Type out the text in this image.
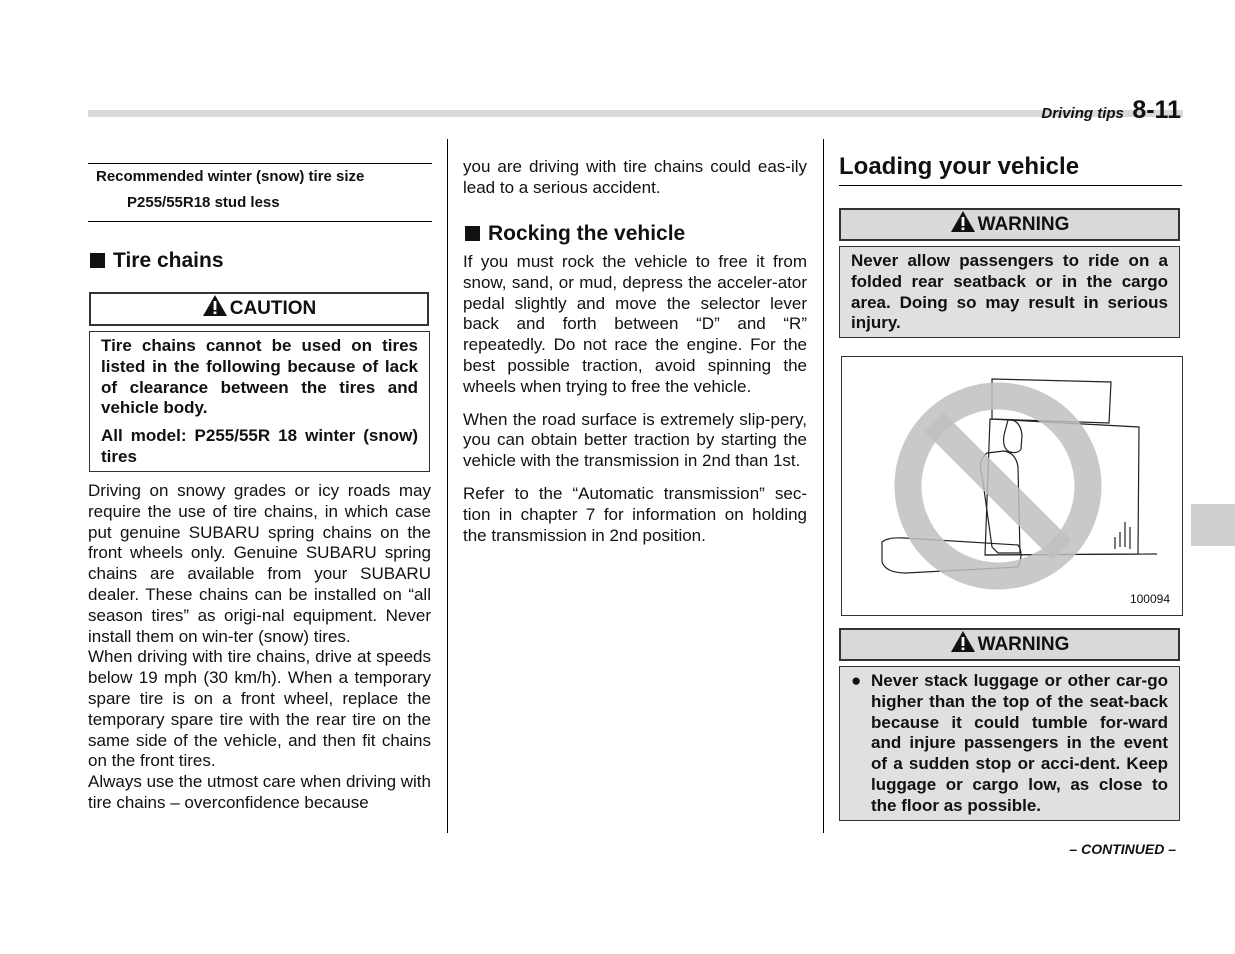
Driving tips 8-11
Recommended winter (snow) tire size
P255/55R18 stud less
Tire chains
CAUTION

Tire chains cannot be used on tires listed in the following because of lack of clearance between the tires and vehicle body.

All model: P255/55R 18 winter (snow) tires

Driving on snowy grades or icy roads may require the use of tire chains, in which case put genuine SUBARU spring chains on the front wheels only. Genuine SUBARU spring chains are available from your SUBARU dealer. These chains can be installed on “all season tires” as origi-nal equipment. Never install them on win-ter (snow) tires.

When driving with tire chains, drive at speeds below 19 mph (30 km/h). When a temporary spare tire is on a front wheel, replace the temporary spare tire with the rear tire on the same side of the vehicle, and then fit chains on the front tires.

Always use the utmost care when driving with tire chains – overconfidence because

you are driving with tire chains could eas-ily lead to a serious accident.

Rocking the vehicle

If you must rock the vehicle to free it from snow, sand, or mud, depress the acceler-ator pedal slightly and move the selector lever back and forth between “D” and “R” repeatedly. Do not race the engine. For the best possible traction, avoid spinning the wheels when trying to free the vehicle.

When the road surface is extremely slip-pery, you can obtain better traction by starting the vehicle with the transmission in 2nd than 1st.

Refer to the “Automatic transmission” sec-tion in chapter 7 for information on holding the transmission in 2nd position.

Loading your vehicle
WARNING

Never allow passengers to ride on a folded rear seatback or in the cargo area. Doing so may result in serious injury.

100094
WARNING
● Never stack luggage or other car-go higher than the top of the seat-back because it could tumble for-ward and injure passengers in the event of a sudden stop or acci-dent. Keep luggage or cargo low, as close to the floor as possible.
– CONTINUED –
